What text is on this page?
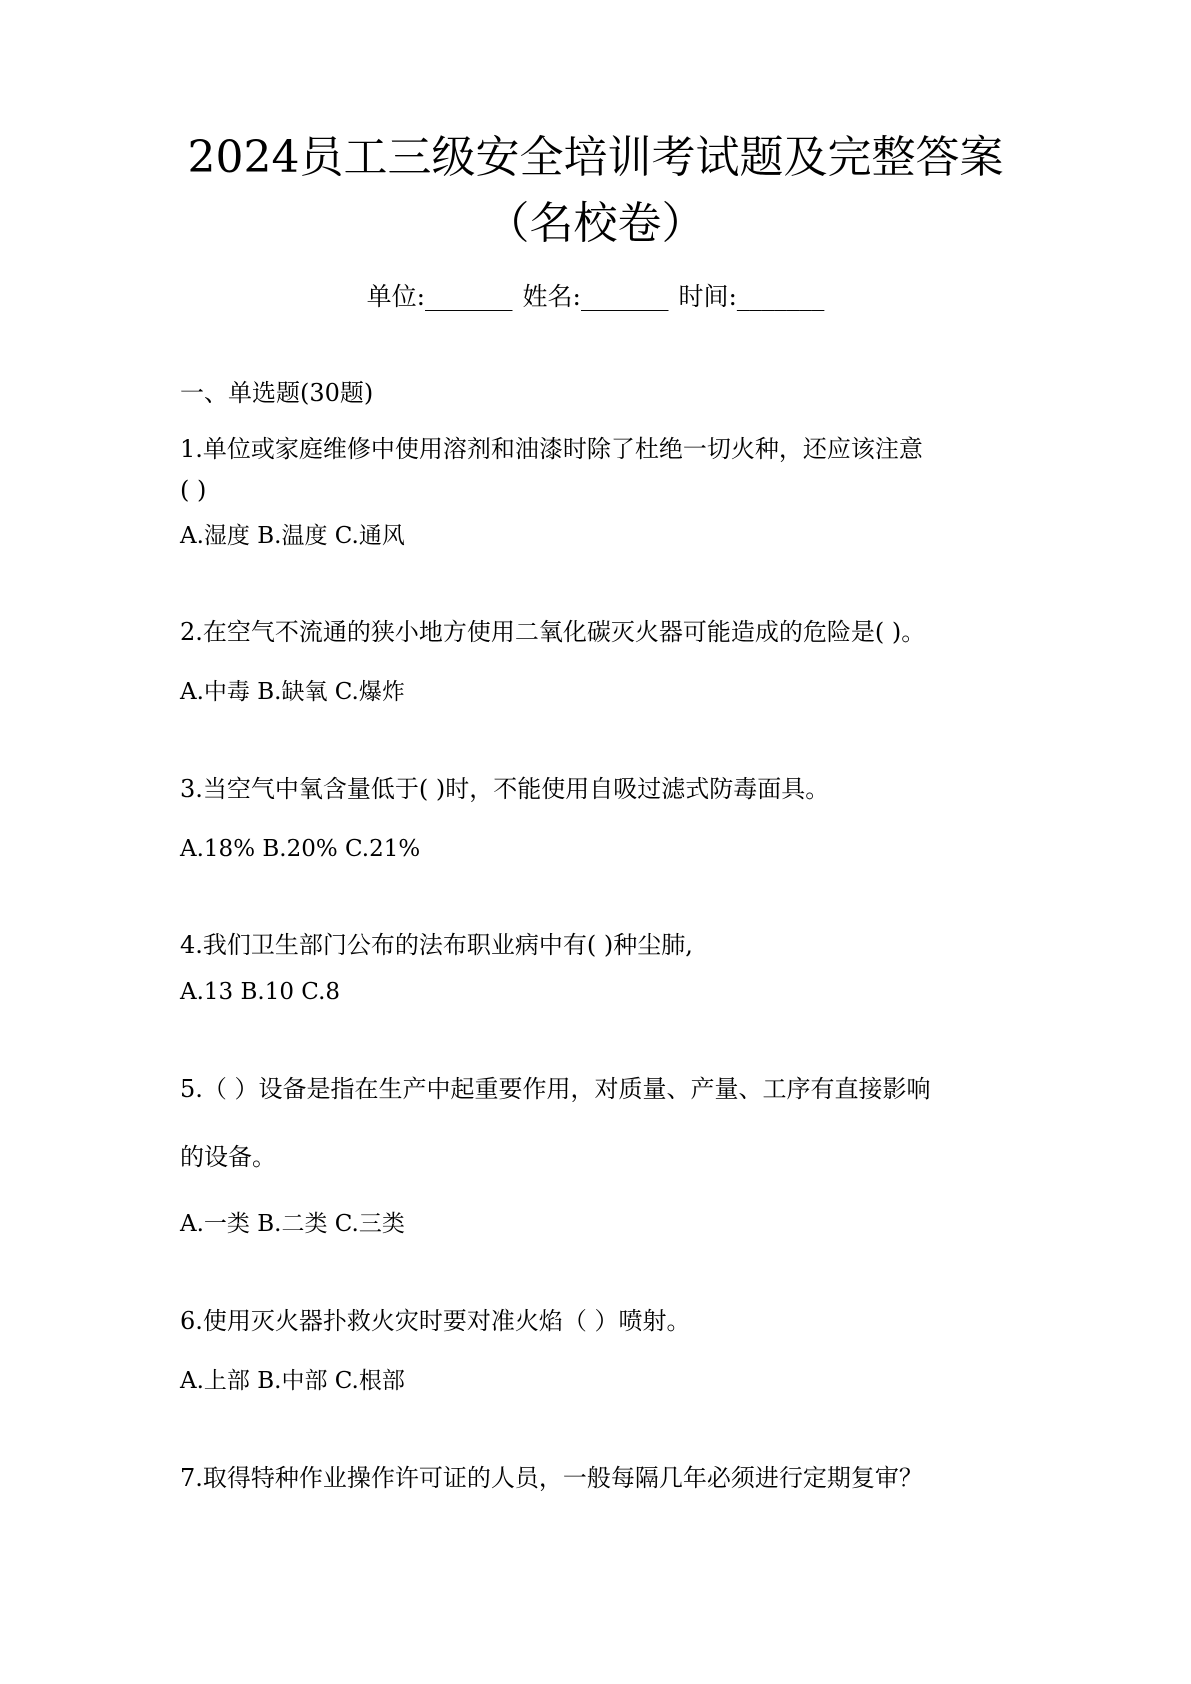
2024员工三级安全培训考试题及完整答案
（名校卷）
单位:_______ 姓名:_______ 时间:_______
一、单选题(30题)
1.单位或家庭维修中使用溶剂和油漆时除了杜绝一切火种，还应该注意
( )
A.湿度 B.温度 C.通风
2.在空气不流通的狭小地方使用二氧化碳灭火器可能造成的危险是( )。
A.中毒 B.缺氧 C.爆炸
3.当空气中氧含量低于( )时，不能使用自吸过滤式防毒面具。
A.18% B.20% C.21%
4.我们卫生部门公布的法布职业病中有( )种尘肺,
A.13 B.10 C.8
5.（ ）设备是指在生产中起重要作用，对质量、产量、工序有直接影响
的设备。
A.一类 B.二类 C.三类
6.使用灭火器扑救火灾时要对准火焰（ ）喷射。
A.上部 B.中部 C.根部
7.取得特种作业操作许可证的人员，一般每隔几年必须进行定期复审？
